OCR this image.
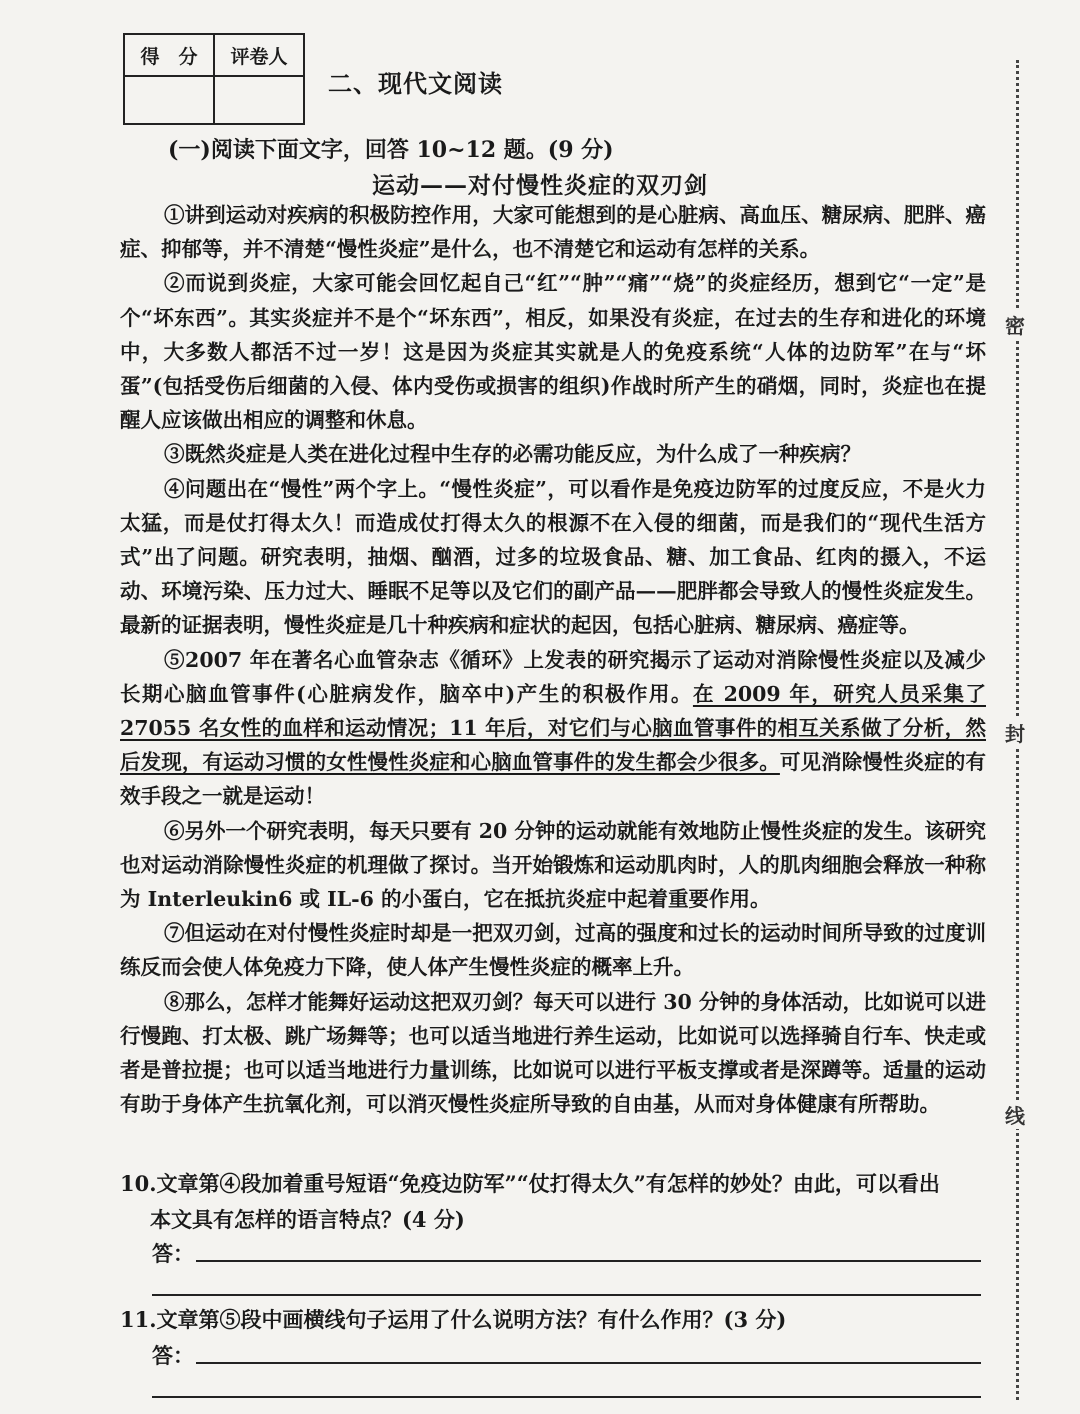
得　分	评卷人
二、现代文阅读
(一)阅读下面文字，回答 10~12 题。(9 分)
运动——对付慢性炎症的双刃剑

①讲到运动对疾病的积极防控作用，大家可能想到的是心脏病、高血压、糖尿病、肥胖、癌症、抑郁等，并不清楚“慢性炎症”是什么，也不清楚它和运动有怎样的关系。

②而说到炎症，大家可能会回忆起自己“红”“肿”“痛”“烧”的炎症经历，想到它“一定”是个“坏东西”。其实炎症并不是个“坏东西”，相反，如果没有炎症，在过去的生存和进化的环境中，大多数人都活不过一岁！这是因为炎症其实就是人的免疫系统“人体的边防军”在与“坏蛋”(包括受伤后细菌的入侵、体内受伤或损害的组织)作战时所产生的硝烟，同时，炎症也在提醒人应该做出相应的调整和休息。

③既然炎症是人类在进化过程中生存的必需功能反应，为什么成了一种疾病？

④问题出在“慢性”两个字上。“慢性炎症”，可以看作是免疫边防军的过度反应，不是火力太猛，而是仗打得太久！而造成仗打得太久的根源不在入侵的细菌，而是我们的“现代生活方式”出了问题。研究表明，抽烟、酗酒，过多的垃圾食品、糖、加工食品、红肉的摄入，不运动、环境污染、压力过大、睡眠不足等以及它们的副产品——肥胖都会导致人的慢性炎症发生。最新的证据表明，慢性炎症是几十种疾病和症状的起因，包括心脏病、糖尿病、癌症等。

⑤2007 年在著名心血管杂志《循环》上发表的研究揭示了运动对消除慢性炎症以及减少长期心脑血管事件(心脏病发作，脑卒中)产生的积极作用。在 2009 年，研究人员采集了 27055 名女性的血样和运动情况；11 年后，对它们与心脑血管事件的相互关系做了分析，然后发现，有运动习惯的女性慢性炎症和心脑血管事件的发生都会少很多。可见消除慢性炎症的有效手段之一就是运动！

⑥另外一个研究表明，每天只要有 20 分钟的运动就能有效地防止慢性炎症的发生。该研究也对运动消除慢性炎症的机理做了探讨。当开始锻炼和运动肌肉时，人的肌肉细胞会释放一种称为 Interleukin6 或 IL-6 的小蛋白，它在抵抗炎症中起着重要作用。

⑦但运动在对付慢性炎症时却是一把双刃剑，过高的强度和过长的运动时间所导致的过度训练反而会使人体免疫力下降，使人体产生慢性炎症的概率上升。

⑧那么，怎样才能舞好运动这把双刃剑？每天可以进行 30 分钟的身体活动，比如说可以进行慢跑、打太极、跳广场舞等；也可以适当地进行养生运动，比如说可以选择骑自行车、快走或者是普拉提；也可以适当地进行力量训练，比如说可以进行平板支撑或者是深蹲等。适量的运动有助于身体产生抗氧化剂，可以消灭慢性炎症所导致的自由基，从而对身体健康有所帮助。

10.文章第④段加着重号短语“免疫边防军”“仗打得太久”有怎样的妙处？由此，可以看出
本文具有怎样的语言特点？(4 分)
答：
11.文章第⑤段中画横线句子运用了什么说明方法？有什么作用？(3 分)
答：
密
封
线
